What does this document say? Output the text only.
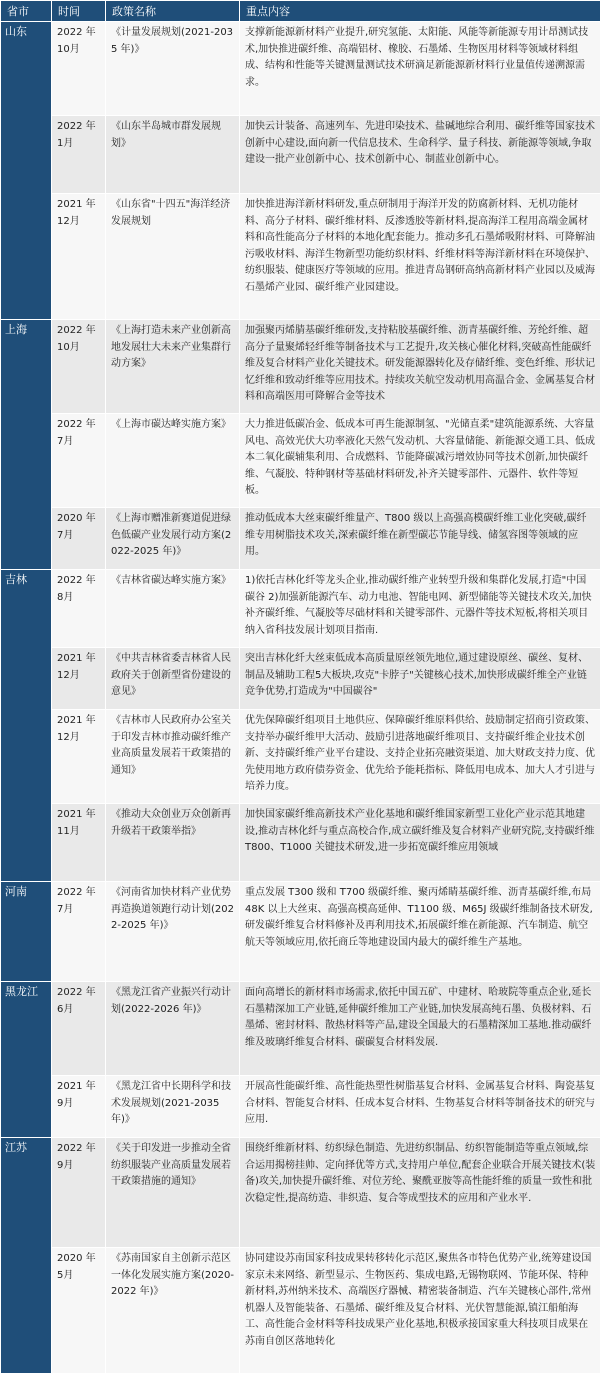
省市	时间	政策名称	重点内容
山东	2022 年 10月	《计量发展规划(2021-2035 年)》	支撑新能源新材料产业提升,研究氢能、太阳能、风能等新能源专用计昂测试技术,加快推进碳纤维、高端铝材、橡胶、石墨烯、生物医用材料等领域材料组成、结构和性能等关键测量测试技术研滴足新能源新材料行业量值传递溯源需求。
	2022 年 1月	《山东半岛城市群发展规划》	加快云计装备、高速列车、先进印染技术、盐碱地综合利用、碳纤维等国家技术创新中心建设,面向新一代信息技术、生命科学、量子科技、新能源等领域,争取建设一批产业创新中心、技术创新中心、制蓝业创新中心。
	2021 年 12月	《山东省"十四五"海洋经济发展规划	加快推进海洋新材料研发,重点研制用于海洋开发的防腐新材料、无机功能材料、高分子材料、碳纤维材料、反渗透胶等新材料,提高海洋工程用高端金属材料和高性能高分子材料的本地化配套能力。推动多孔石墨烯吸附材料、可降解油污吸收材料、海洋生物新型功能纺织材料、纤维材料等海洋新材料在环境保护、纺织服装、健康医疗等领域的应用。推进青岛钢研高纳高新材料产业园以及威海石墨烯产业园、碳纤维产业园建设。
上海	2022 年 10月	《上海打造未来产业创新高地发展壮大未来产业集群行动方案》	加强聚丙烯腈基碳纤维研发,支持粘胶基碳纤维、沥青基碳纤维、芳纶纤维、超高分子量聚烯轻纤维等制备技术与工艺提升,攻关核心催化材料,突破高性能碳纤维及复合材料产业化关键技术。研发能源器转化及存储纤维、变色纤维、形状记忆纤维和致动纤维等应用技术。持续攻关航空发动机用高温合金、金属基复合材料和高端医用可降解合金等技术
	2022 年 7月	《上海市碳达峰实施方案》	大力推进低碳冶金、低成本可再生能源制氢、"光储直柔"建筑能源系统、大容量风电、高效光伏大功率液化天然气发动机、大容量储能、新能源交通工具、低成本二氧化碳辅集利用、合成燃料、节能降碳减污增效协同等技术创新,加快碳纤维、气凝胶、特种钢材等基础材料研发,补齐关键零部件、元器件、软件等短板。
	2020 年 7月	《上海市赠准新赛道促进绿色低碳产业发展行动方案(2022-2025 年)》	推动低成本大丝束碳纤维量产、T800 级以上高强高模碳纤维工业化突破,碳纤维专用树脂技术攻关,深索碳纤维在新型碳芯节能导线、储氢容图等领域的应用。
吉林	2022 年 8月	《吉林省碳达峰实施方案》	1)依托吉林化纤等龙头企业,推动碳纤维产业转型升级和集群化发展,打造"中国碳谷 2)加强新能源汽车、动力电池、智能电网、新型储能等关键技术攻关,加快补齐碳纤维、气凝胶等尽础材料和关键零部件、元器件等技术短板,将相关项目纳入省科技发展计划项目指南.
	2021 年 12月	《中共吉林省委吉林省人民政府关于创新型省份建设的意见》	突出吉林化纤大丝束低成本高质量原丝领先地位,通过建设原丝、碳丝、复材、制品及辅助工程5大板块,攻克"卡脖子"关键核心技术,加快形成碳纤维全产业链竞争优势,打造成为"中国碳谷"
	2021 年 12月	《吉林市人民政府办公室关于印发吉林市推动碳纤维产业高质量发展若干政策措的通知》	优先保障碳纤组项目土地供应、保障碳纤维原料供给、鼓励制定招商引资政策、支持举办碳纤维甲大活动、鼓励引进落地碳纤维项目、支持碳纤维企业技术创新、支持碳纤维产业平台建设、支持企业拓亮融资渠道、加大财政支持力度、优先使用地方政府债券资金、优先给予能耗指标、降低用电成本、加大人才引进与培养力度。
	2021 年 11月	《推动大众创业万众创新再升级若干政策举指》	加快国家碳纤维高新技术产业化基地和碳纤维国家新型工业化产业示范其地建设,推动吉林化纤与重点高校合作,成立碳纤维及复合材料产业研究院,支持碳纤维 T800、T1000 关键技术研发,进一步拓宽碳纤维应用领域
河南	2022 年 7月	《河南省加快材料产业优势再造换道领跑行动计划(2022-2025 年)》	重点发展 T300 级和 T700 级碳纤维、聚丙烯睛基碳纤维、沥青基碳纤维,布局 48K 以上大丝束、高强高模高延伸、T1100 级、M65J 级碳纤维制备技术研发,研发碳纤维复合材料修补及再利用技术,拓展碳纤维在新能源、汽车制造、航空航天等领域应用,依托商丘等地建设国内最大的碳纤维生产基地。
黑龙江	2022 年 6月	《黑龙江省产业振兴行动计划(2022-2026 年)》	面向高增长的新材料市场需求,依托中国五矿、中建材、哈玻院等重点企业,延长石墨精深加工产业链,延伸碳纤维加工产业链,加快发展高纯石墨、负极材料、石墨烯、密封材料、散热材料等产品,建设全国最大的石墨精深加工基地.推动碳纤维及玻璃纤维复合材料、碳碳复合材料发展.
	2021 年 9月	《黑龙江省中长期科学和技术发展规划(2021-2035 年)》	开展高性能碳纤维、高性能热塑性树脂基复合材料、金属基复合材料、陶瓷基复合材料、智能复合材料、任成本复合材料、生物基复合材料等制备技术的研究与应用.
江苏	2022 年 9月	《关于印发进一步推动全省纺织服装产业高质量发展若干政策措施的通知》	围绕纤维新材料、纺织绿色制造、先进纺织制品、纺织智能制造等重点领域,综合运用揭榜挂帅、定向择优等方式,支持用户单位,配套企业联合开展关键技术(装备)攻关,加快提升碳纤维、对位芳纶、聚酰亚胺等高性能纤维的质量一致性和批次稳定性,提高纺造、非织造、复合等成型技术的应用和产业水平.
	2020 年 5月	《苏南国家自主创新示范区一体化发展实施方案(2020-2022 年)》	协同建设苏南国家科技成果转移转化示范区,聚焦各市特色优势产业,统筹建设国家京未来网络、新型显示、生物医药、集成电路,无锡物联网、节能环保、特种新材料,苏州纳米技术、高端医疗器械、精密装备制造、汽车关键核心部件,常州机器人及智能装备、石墨烯、碳纤维及复合材料、光伏智慧能源,镇江船舶海工、高性能合金材料等科技成果产业化基地,积极承接国家重大科技项目成果在苏南自创区落地转化
